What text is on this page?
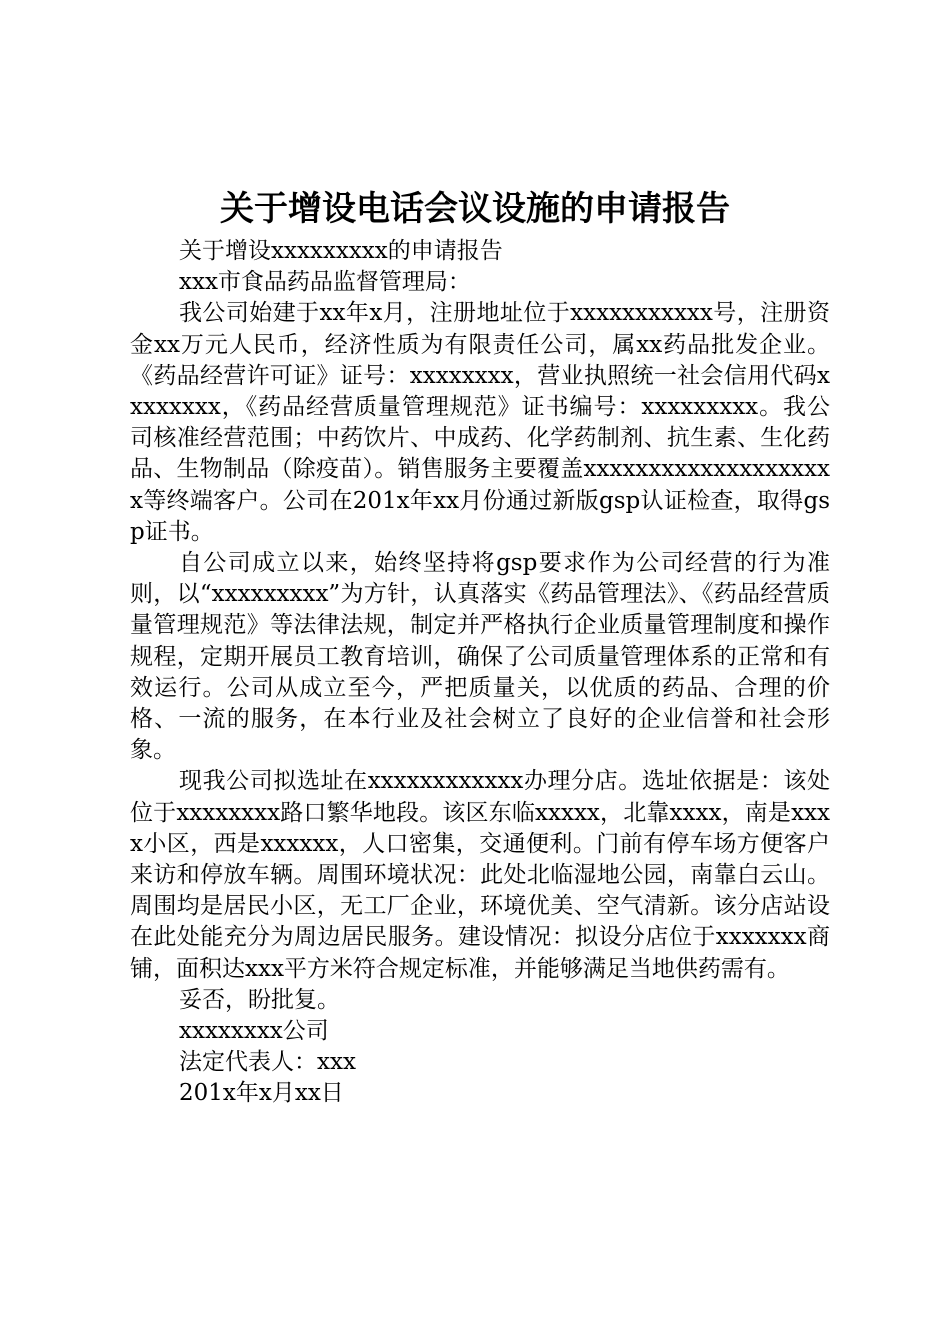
关于增设电话会议设施的申请报告

关于增设xxxxxxxxx的申请报告

xxx市食品药品监督管理局：

我公司始建于xx年x月，注册地址位于xxxxxxxxxxx号，注册资金xx万元人民币，经济性质为有限责任公司，属xx药品批发企业。《药品经营许可证》证号：xxxxxxxx，营业执照统一社会信用代码xxxxxxxx，《药品经营质量管理规范》证书编号：xxxxxxxxx。我公司核准经营范围；中药饮片、中成药、化学药制剂、抗生素、生化药品、生物制品（除疫苗）。销售服务主要覆盖xxxxxxxxxxxxxxxxxxxx等终端客户。公司在201x年xx月份通过新版gsp认证检查，取得gsp证书。

自公司成立以来，始终坚持将gsp要求作为公司经营的行为准则，以“xxxxxxxxx”为方针，认真落实《药品管理法》、《药品经营质量管理规范》等法律法规，制定并严格执行企业质量管理制度和操作规程，定期开展员工教育培训，确保了公司质量管理体系的正常和有效运行。公司从成立至今，严把质量关，以优质的药品、合理的价格、一流的服务，在本行业及社会树立了良好的企业信誉和社会形象。

现我公司拟选址在xxxxxxxxxxxx办理分店。选址依据是：该处位于xxxxxxxx路口繁华地段。该区东临xxxxx，北靠xxxx，南是xxxx小区，西是xxxxxx，人口密集，交通便利。门前有停车场方便客户来访和停放车辆。周围环境状况：此处北临湿地公园，南靠白云山。周围均是居民小区，无工厂企业，环境优美、空气清新。该分店站设在此处能充分为周边居民服务。建设情况：拟设分店位于xxxxxxx商铺，面积达xxx平方米符合规定标准，并能够满足当地供药需有。

妥否，盼批复。

xxxxxxxx公司

法定代表人：xxx

201x年x月xx日
